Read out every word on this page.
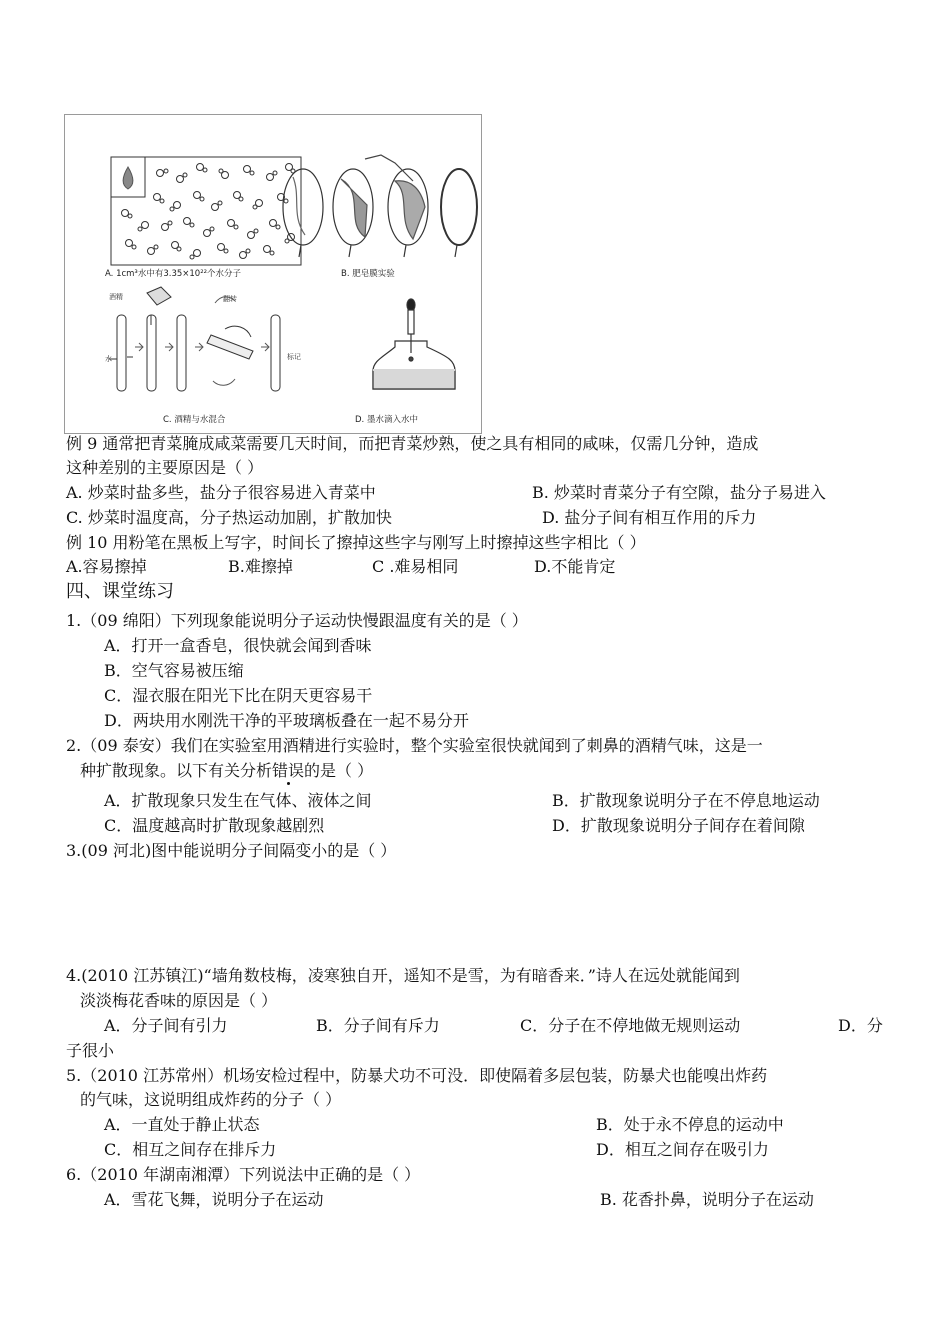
酒精
水
翻转
标记
A. 1cm³水中有3.35×10²²个水分子	B. 肥皂膜实验
C. 酒精与水混合	D. 墨水滴入水中
例 9 通常把青菜腌成咸菜需要几天时间，而把青菜炒熟，使之具有相同的咸味，仅需几分钟，造成
这种差别的主要原因是（ ）
A. 炒菜时盐多些，盐分子很容易进入青菜中	B. 炒菜时青菜分子有空隙，盐分子易进入
C. 炒菜时温度高，分子热运动加剧，扩散加快	D. 盐分子间有相互作用的斥力
例 10 用粉笔在黑板上写字，时间长了擦掉这些字与刚写上时擦掉这些字相比（ ）
A.容易擦掉	B.难擦掉	C .难易相同	D.不能肯定
四、课堂练习
1.（09 绵阳）下列现象能说明分子运动快慢跟温度有关的是（ ）
A．打开一盒香皂，很快就会闻到香味
B．空气容易被压缩
C．湿衣服在阳光下比在阴天更容易干
D．两块用水刚洗干净的平玻璃板叠在一起不易分开
2.（09 泰安）我们在实验室用酒精进行实验时，整个实验室很快就闻到了刺鼻的酒精气味，这是一
种扩散现象。以下有关分析错误的是（ ）
A．扩散现象只发生在气体、液体之间	B．扩散现象说明分子在不停息地运动
C．温度越高时扩散现象越剧烈	D．扩散现象说明分子间存在着间隙
3.(09 河北)图中能说明分子间隔变小的是（ ）
4.(2010 江苏镇江)“墙角数枝梅，凌寒独自开，遥知不是雪，为有暗香来．”诗人在远处就能闻到
淡淡梅花香味的原因是（ ）
A．分子间有引力	B．分子间有斥力	C．分子在不停地做无规则运动	D．分
子很小
5.（2010 江苏常州）机场安检过程中，防暴犬功不可没．即使隔着多层包装，防暴犬也能嗅出炸药
的气味，这说明组成炸药的分子（ ）
A．一直处于静止状态	B．处于永不停息的运动中
C．相互之间存在排斥力	D．相互之间存在吸引力
6.（2010 年湖南湘潭）下列说法中正确的是（ ）
A．雪花飞舞，说明分子在运动	B. 花香扑鼻，说明分子在运动
